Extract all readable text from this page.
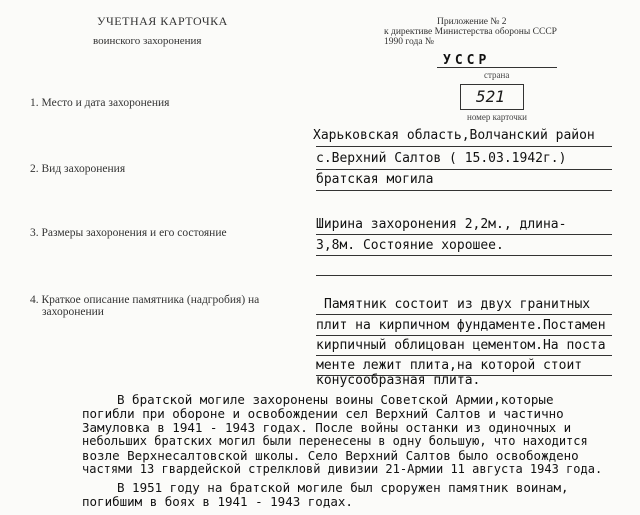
УЧЕТНАЯ КАРТОЧКА
воинского захоронения
Приложение № 2
к директиве Министерства обороны СССР
1990 года №
УССР
страна
521
номер карточки
1. Место и дата захоронения
Харьковская область,Волчанский район
с.Верхний Салтов ( 15.03.1942г.)
2. Вид захоронения
братская могила
3. Размеры захоронения и его состояние
Ширина захоронения 2,2м., длина-
3,8м. Состояние хорошее.
4. Краткое описание памятника (надгробия) на
захоронении	Памятник состоит из двух гранитных
плит на кирпичном фундаменте.Постамен
кирпичный облицован цементом.На поста
менте лежит плита,на которой стоит
конусообразная плита.
В братской могиле захоронены воины Советской Армии,которые
погибли при обороне и освобождении сел Верхний Салтов и частично
Замуловка в 1941 - 1943 годах. После войны останки из одиночных и
небольших братских могил были перенесены в одну большую, что находится
возле Верхнесалтовской школы. Село Верхний Салтов было освобождено
частями 13 гвардейской стрелкловй дивизии 21-Армии 11 августа 1943 года.
В 1951 году на братской могиле был сроружен памятник воинам,
погибшим в боях в 1941 - 1943 годах.
